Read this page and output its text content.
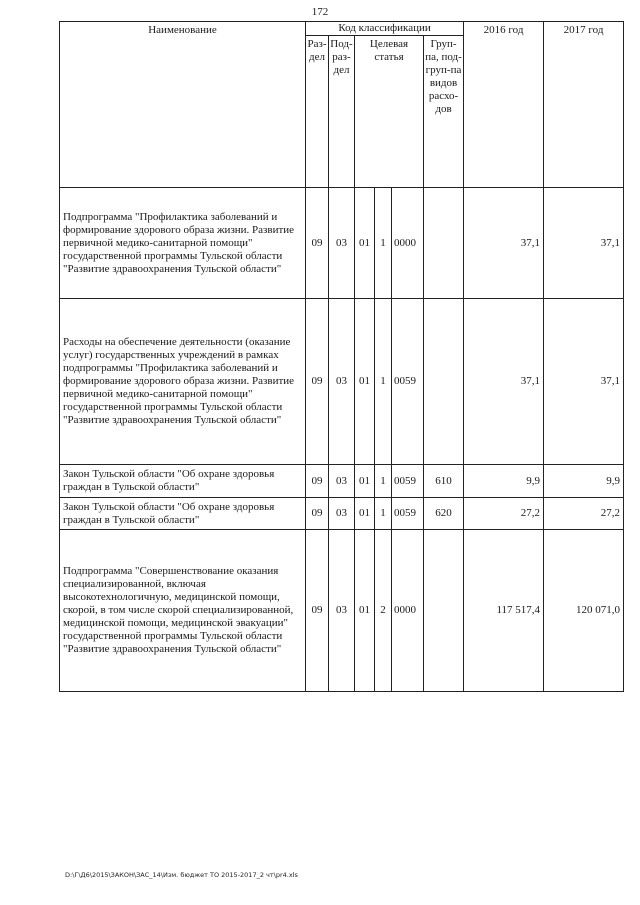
172
Наименование	Код классификации						2016 год	2017 год
	Раз-дел	Под-раз-дел	Целевая статья			Груп-па, под-груп-па видов расхо-дов		
Подпрограмма "Профилактика заболеваний и формирование здорового образа жизни. Развитие первичной медико-санитарной помощи" государственной программы Тульской области "Развитие здравоохранения Тульской области"	09	03	01	1	0000		37,1	37,1
Расходы на обеспечение деятельности (оказание услуг) государственных учреждений в рамках подпрограммы "Профилактика заболеваний и формирование здорового образа жизни. Развитие первичной медико-санитарной помощи" государственной программы Тульской области "Развитие здравоохранения Тульской области"	09	03	01	1	0059		37,1	37,1
Закон Тульской области "Об охране здоровья граждан в Тульской области"	09	03	01	1	0059	610	9,9	9,9
Закон Тульской области "Об охране здоровья граждан в Тульской области"	09	03	01	1	0059	620	27,2	27,2
Подпрограмма "Совершенствование оказания специализированной, включая высокотехнологичную, медицинской помощи, скорой, в том числе скорой специализированной, медицинской помощи, медицинской эвакуации" государственной программы Тульской области "Развитие здравоохранения Тульской области"	09	03	01	2	0000		117 517,4	120 071,0
D:\Г\Д6\2015\ЗАКОН\ЗАС_14\Изм. бюджет ТО 2015-2017_2 чт\pr4.xls
